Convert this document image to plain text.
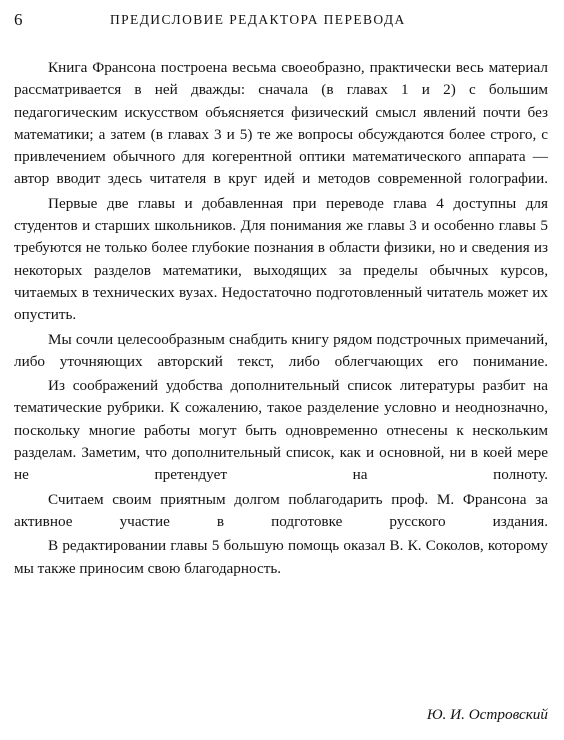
6	ПРЕДИСЛОВИЕ РЕДАКТОРА ПЕРЕВОДА

Книга Франсона построена весьма своеобразно, практически весь материал рассматривается в ней дважды: сначала (в главах 1 и 2) с большим педагогическим искусством объясняется физический смысл явлений почти без математики; а затем (в главах 3 и 5) те же вопросы обсуждаются более строго, с привлечением обычного для когерентной оптики математического аппарата — автор вводит здесь читателя в круг идей и методов современной голографии.

Первые две главы и добавленная при переводе глава 4 доступны для студентов и старших школьников. Для понимания же главы 3 и особенно главы 5 требуются не только более глубокие познания в области физики, но и сведения из некоторых разделов математики, выходящих за пределы обычных курсов, читаемых в технических вузах. Недостаточно подготовленный читатель может их опустить.

Мы сочли целесообразным снабдить книгу рядом подстрочных примечаний, либо уточняющих авторский текст, либо облегчающих его понимание.

Из соображений удобства дополнительный список литературы разбит на тематические рубрики. К сожалению, такое разделение условно и неоднозначно, поскольку многие работы могут быть одновременно отнесены к нескольким разделам. Заметим, что дополнительный список, как и основной, ни в коей мере не претендует на полноту.

Считаем своим приятным долгом поблагодарить проф. М. Франсона за активное участие в подготовке русского издания.

В редактировании главы 5 большую помощь оказал В. К. Соколов, которому мы также приносим свою благодарность.

Ю. И. Островский
